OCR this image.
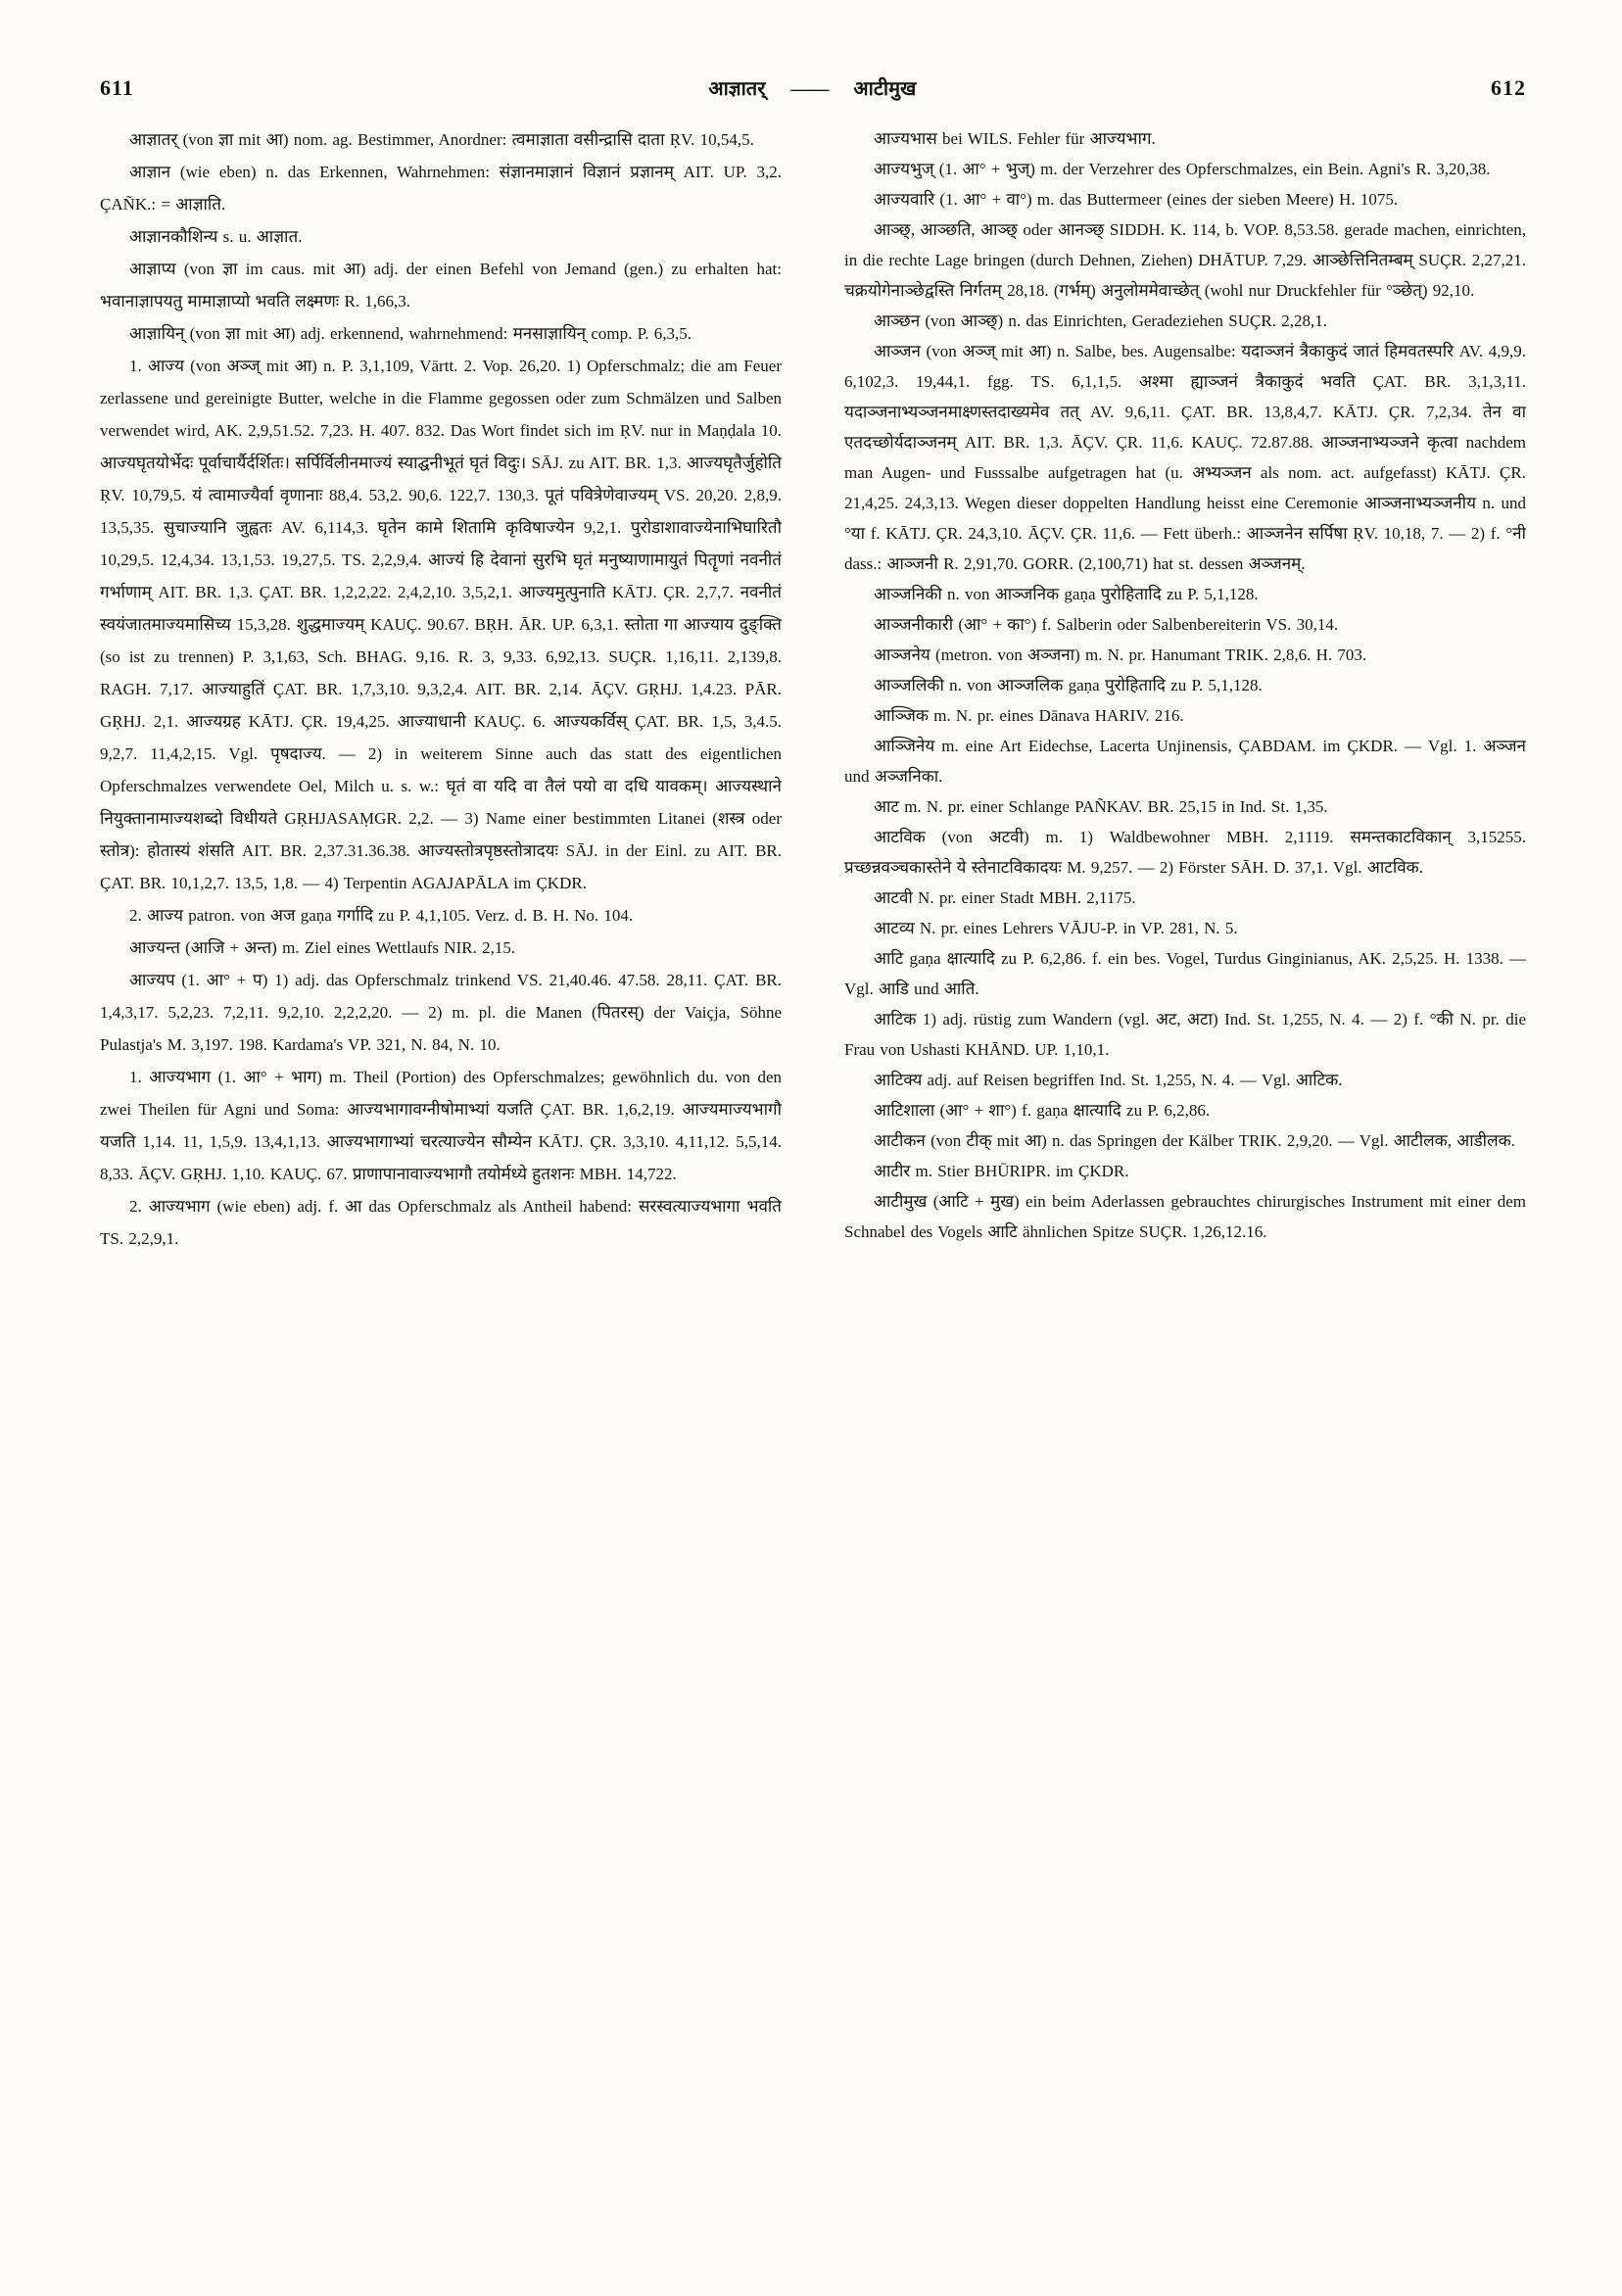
611	आज्ञातर् —— आटीमुख	612

आज्ञातर् (von ज्ञा mit आ) nom. ag. Bestimmer, Anordner: त्वमाज्ञाता वसीन्द्रासि दाता ṚV. 10,54,5.

आज्ञान (wie eben) n. das Erkennen, Wahrnehmen: संज्ञानमाज्ञानं विज्ञानं प्रज्ञानम् AIT. UP. 3,2. ÇAÑK.: = आज्ञाति.

आज्ञानकौशिन्य s. u. आज्ञात.

आज्ञाप्य (von ज्ञा im caus. mit आ) adj. der einen Befehl von Jemand (gen.) zu erhalten hat: भवानाज्ञापयतु मामाज्ञाप्यो भवति लक्ष्मणः R. 1,66,3.

आज्ञायिन् (von ज्ञा mit आ) adj. erkennend, wahrnehmend: मनसाज्ञायिन् comp. P. 6,3,5.

1. आज्य (von अञ्ज् mit आ) n. P. 3,1,109, Vārtt. 2. Vop. 26,20. 1) Opferschmalz; die am Feuer zerlassene und gereinigte Butter, welche in die Flamme gegossen oder zum Schmälzen und Salben verwendet wird, AK. 2,9,51.52. 7,23. H. 407. 832. Das Wort findet sich im ṚV. nur in Maṇḍala 10. आज्यघृतयोर्भेदः पूर्वाचार्यैर्दर्शितः। सर्पिर्विलीनमाज्यं स्याद्घनीभूतं घृतं विदुः। SĀJ. zu AIT. BR. 1,3. आज्यघृतैर्जुहोति ṚV. 10,79,5. यं त्वामाज्यैर्वा वृणानाः 88,4. 53,2. 90,6. 122,7. 130,3. पूतं पवित्रेणेवाज्यम् VS. 20,20. 2,8,9. 13,5,35. सुचाज्यानि जुह्वतः AV. 6,114,3. घृतेन कामे शितामि कृविषाज्येन 9,2,1. पुरोडाशावाज्येनाभिघारितौ 10,29,5. 12,4,34. 13,1,53. 19,27,5. TS. 2,2,9,4. आज्यं हि देवानां सुरभि घृतं मनुष्याणामायुतं पितॄणां नवनीतं गर्भाणाम् AIT. BR. 1,3. ÇAT. BR. 1,2,2,22. 2,4,2,10. 3,5,2,1. आज्यमुत्पुनाति KĀTJ. ÇR. 2,7,7. नवनीतं स्वयंजातमाज्यमासिच्य 15,3,28. शुद्धमाज्यम् KAUÇ. 90.67. BṚH. ĀR. UP. 6,3,1. स्तोता गा आज्याय दुङ्क्ति (so ist zu trennen) P. 3,1,63, Sch. BHAG. 9,16. R. 3, 9,33. 6,92,13. SUÇR. 1,16,11. 2,139,8. RAGH. 7,17. आज्याहुतिं ÇAT. BR. 1,7,3,10. 9,3,2,4. AIT. BR. 2,14. ĀÇV. GṚHJ. 1,4.23. PĀR. GṚHJ. 2,1. आज्यग्रह KĀTJ. ÇR. 19,4,25. आज्याधानी KAUÇ. 6. आज्यकर्विस् ÇAT. BR. 1,5, 3,4.5. 9,2,7. 11,4,2,15. Vgl. पृषदाज्य. — 2) in weiterem Sinne auch das statt des eigentlichen Opferschmalzes verwendete Oel, Milch u. s. w.: घृतं वा यदि वा तैलं पयो वा दधि यावकम्। आज्यस्थाने नियुक्तानामाज्यशब्दो विधीयते GṚHJASAṂGR. 2,2. — 3) Name einer bestimmten Litanei (शस्त्र oder स्तोत्र): होतास्यं शंसति AIT. BR. 2,37.31.36.38. आज्यस्तोत्रपृष्ठस्तोत्रादयः SĀJ. in der Einl. zu AIT. BR. ÇAT. BR. 10,1,2,7. 13,5, 1,8. — 4) Terpentin AGAJAPĀLA im ÇKDR.

2. आज्य patron. von अज gaṇa गर्गादि zu P. 4,1,105. Verz. d. B. H. No. 104.

आज्यन्त (आजि + अन्त) m. Ziel eines Wettlaufs NIR. 2,15.

आज्यप (1. आ° + प) 1) adj. das Opferschmalz trinkend VS. 21,40.46. 47.58. 28,11. ÇAT. BR. 1,4,3,17. 5,2,23. 7,2,11. 9,2,10. 2,2,2,20. — 2) m. pl. die Manen (पितरस्) der Vaiçja, Söhne Pulastja's M. 3,197. 198. Kardama's VP. 321, N. 84, N. 10.

1. आज्यभाग (1. आ° + भाग) m. Theil (Portion) des Opferschmalzes; gewöhnlich du. von den zwei Theilen für Agni und Soma: आज्यभागावग्नीषोमाभ्यां यजति ÇAT. BR. 1,6,2,19. आज्यमाज्यभागौ यजति 1,14. 11, 1,5,9. 13,4,1,13. आज्यभागाभ्यां चरत्याज्येन सौम्येन KĀTJ. ÇR. 3,3,10. 4,11,12. 5,5,14. 8,33. ĀÇV. GṚHJ. 1,10. KAUÇ. 67. प्राणापानावाज्यभागौ तयोर्मध्ये हुतशनः MBH. 14,722.

2. आज्यभाग (wie eben) adj. f. आ das Opferschmalz als Antheil habend: सरस्वत्याज्यभागा भवति TS. 2,2,9,1.

आज्यभास bei WILS. Fehler für आज्यभाग.

आज्यभुज् (1. आ° + भुज्) m. der Verzehrer des Opferschmalzes, ein Bein. Agni's R. 3,20,38.

आज्यवारि (1. आ° + वा°) m. das Buttermeer (eines der sieben Meere) H. 1075.

आञ्छ्, आञ्छति, आञ्छ् oder आनञ्छ् SIDDH. K. 114, b. VOP. 8,53.58. gerade machen, einrichten, in die rechte Lage bringen (durch Dehnen, Ziehen) DHĀTUP. 7,29. आञ्छेत्तिनितम्बम् SUÇR. 2,27,21. चक्रयोगेनाञ्छेद्वस्ति निर्गतम् 28,18. (गर्भम्) अनुलोममेवाच्छेत् (wohl nur Druckfehler für °ञ्छेत्) 92,10.

आञ्छन (von आञ्छ्) n. das Einrichten, Geradeziehen SUÇR. 2,28,1.

आञ्जन (von अञ्ज् mit आ) n. Salbe, bes. Augensalbe: यदाञ्जनं त्रैकाकुदं जातं हिमवतस्परि AV. 4,9,9. 6,102,3. 19,44,1. fgg. TS. 6,1,1,5. अश्मा ह्याञ्जनं त्रैकाकुदं भवति ÇAT. BR. 3,1,3,11. यदाञ्जनाभ्यञ्जनमाक्ष्णस्तदाख्यमेव तत् AV. 9,6,11. ÇAT. BR. 13,8,4,7. KĀTJ. ÇR. 7,2,34. तेन वा एतदच्छोर्यदाञ्जनम् AIT. BR. 1,3. ĀÇV. ÇR. 11,6. KAUÇ. 72.87.88. आञ्जनाभ्यञ्जने कृत्वा nachdem man Augen- und Fusssalbe aufgetragen hat (u. अभ्यञ्जन als nom. act. aufgefasst) KĀTJ. ÇR. 21,4,25. 24,3,13. Wegen dieser doppelten Handlung heisst eine Ceremonie आञ्जनाभ्यञ्जनीय n. und °या f. KĀTJ. ÇR. 24,3,10. ĀÇV. ÇR. 11,6. — Fett überh.: आञ्जनेन सर्पिषा ṚV. 10,18, 7. — 2) f. °नी dass.: आञ्जनी R. 2,91,70. GORR. (2,100,71) hat st. dessen अञ्जनम्.

आञ्जनिकी n. von आञ्जनिक gaṇa पुरोहितादि zu P. 5,1,128.

आञ्जनीकारी (आ° + का°) f. Salberin oder Salbenbereiterin VS. 30,14.

आञ्जनेय (metron. von अञ्जना) m. N. pr. Hanumant TRIK. 2,8,6. H. 703.

आञ्जलिकी n. von आञ्जलिक gaṇa पुरोहितादि zu P. 5,1,128.

आञ्जिक m. N. pr. eines Dānava HARIV. 216.

आञ्जिनेय m. eine Art Eidechse, Lacerta Unjinensis, ÇABDAM. im ÇKDR. — Vgl. 1. अञ्जन und अञ्जनिका.

आट m. N. pr. einer Schlange PAÑKAV. BR. 25,15 in Ind. St. 1,35.

आटविक (von अटवी) m. 1) Waldbewohner MBH. 2,1119. समन्तकाटविकान् 3,15255. प्रच्छन्नवञ्चकास्तेने ये स्तेनाटविकादयः M. 9,257. — 2) Förster SĀH. D. 37,1. Vgl. आटविक.

आटवी N. pr. einer Stadt MBH. 2,1175.

आटव्य N. pr. eines Lehrers VĀJU-P. in VP. 281, N. 5.

आटि gaṇa क्षात्यादि zu P. 6,2,86. f. ein bes. Vogel, Turdus Ginginianus, AK. 2,5,25. H. 1338. — Vgl. आडि und आति.

आटिक 1) adj. rüstig zum Wandern (vgl. अट, अटा) Ind. St. 1,255, N. 4. — 2) f. °की N. pr. die Frau von Ushasti KHĀND. UP. 1,10,1.

आटिक्य adj. auf Reisen begriffen Ind. St. 1,255, N. 4. — Vgl. आटिक.

आटिशाला (आ° + शा°) f. gaṇa क्षात्यादि zu P. 6,2,86.

आटीकन (von टीक् mit आ) n. das Springen der Kälber TRIK. 2,9,20. — Vgl. आटीलक, आडीलक.

आटीर m. Stier BHŪRIPR. im ÇKDR.

आटीमुख (आटि + मुख) ein beim Aderlassen gebrauchtes chirurgisches Instrument mit einer dem Schnabel des Vogels आटि ähnlichen Spitze SUÇR. 1,26,12.16.
